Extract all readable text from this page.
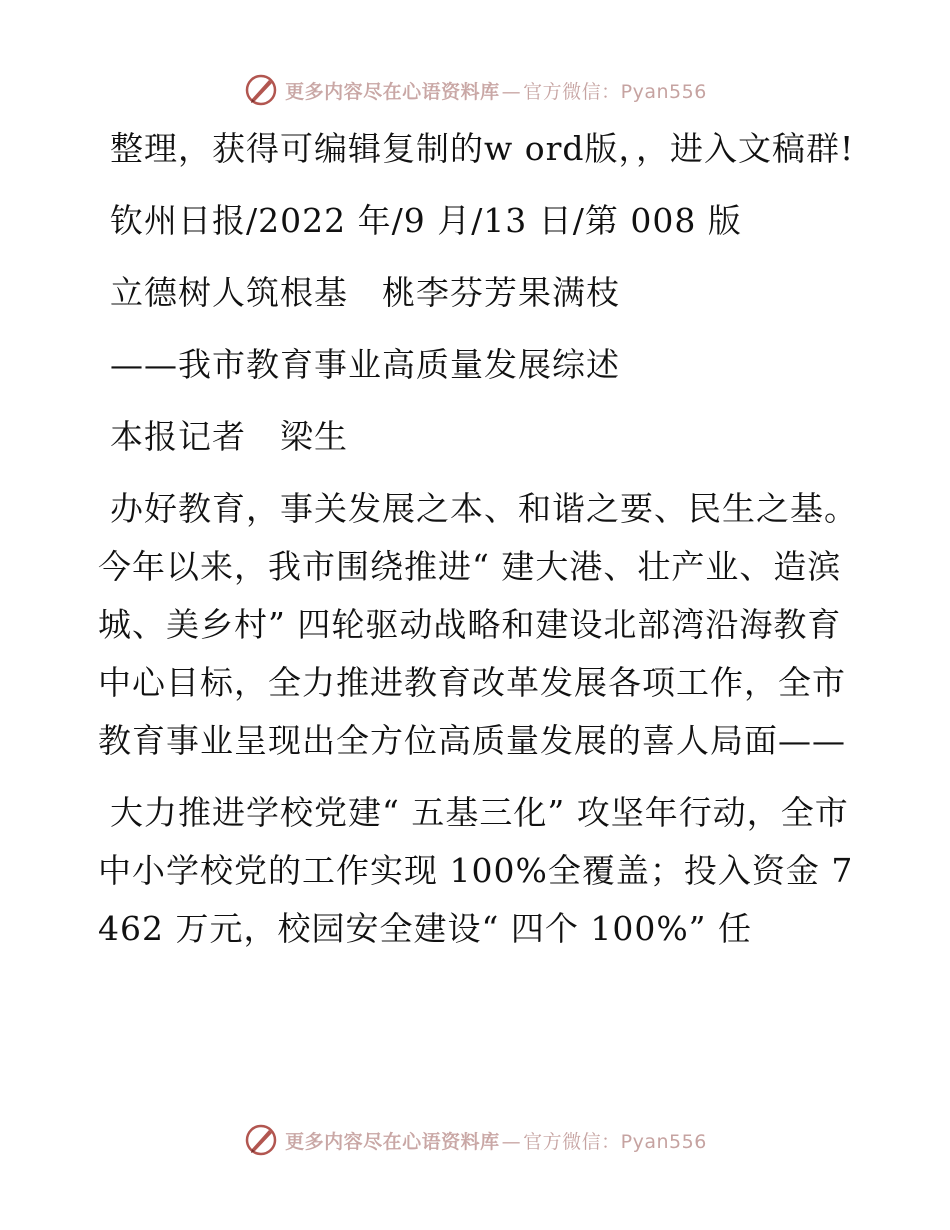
更多内容尽在心语资料库 — 官方微信：Pyan556

整理，获得可编辑复制的w ord版，，进入文稿群!

钦州日报/2022 年/9 月/13 日/第 008 版

立德树人筑根基　桃李芬芳果满枝

——我市教育事业高质量发展综述

本报记者　梁生

办好教育，事关发展之本、和谐之要、民生之基。今年以来，我市围绕推进“ 建大港、壮产业、造滨城、美乡村” 四轮驱动战略和建设北部湾沿海教育中心目标，全力推进教育改革发展各项工作，全市教育事业呈现出全方位高质量发展的喜人局面——

大力推进学校党建“ 五基三化” 攻坚年行动，全市中小学校党的工作实现 100%全覆盖；投入资金 7462 万元，校园安全建设“ 四个 100%” 任

更多内容尽在心语资料库 — 官方微信：Pyan556
